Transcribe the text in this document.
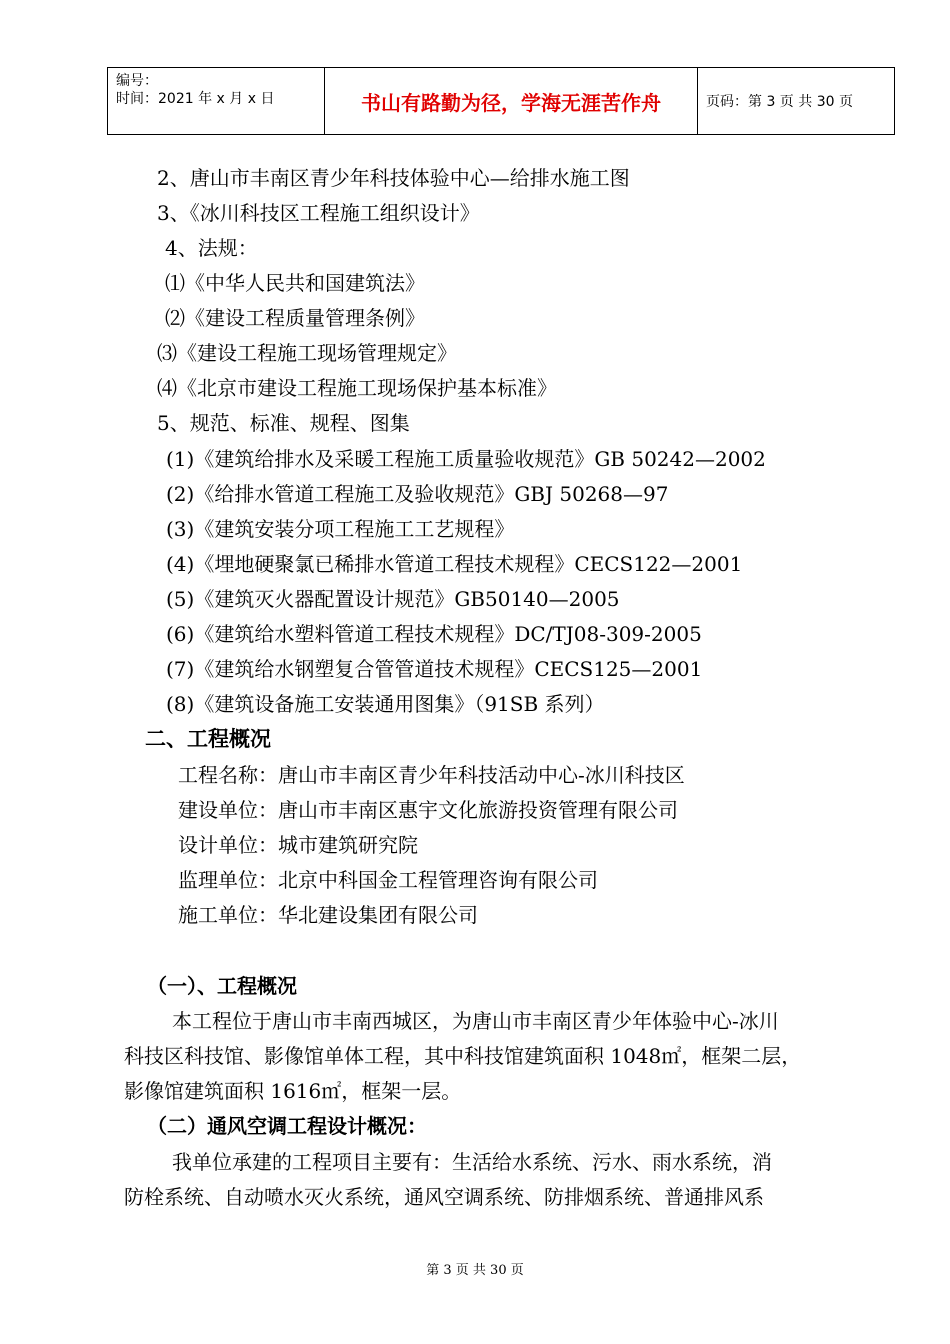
编号：
时间：2021 年 x 月 x 日	书山有路勤为径，学海无涯苦作舟	页码：第 3 页 共 30 页
2、唐山市丰南区青少年科技体验中心—给排水施工图
3、《冰川科技区工程施工组织设计》
4、法规：
⑴《中华人民共和国建筑法》
⑵《建设工程质量管理条例》
⑶《建设工程施工现场管理规定》
⑷《北京市建设工程施工现场保护基本标准》
5、规范、标准、规程、图集
(1)《建筑给排水及采暖工程施工质量验收规范》GB 50242—2002
(2)《给排水管道工程施工及验收规范》GBJ 50268—97
(3)《建筑安装分项工程施工工艺规程》
(4)《埋地硬聚氯已稀排水管道工程技术规程》CECS122—2001
(5)《建筑灭火器配置设计规范》GB50140—2005
(6)《建筑给水塑料管道工程技术规程》DC/TJ08-309-2005
(7)《建筑给水钢塑复合管管道技术规程》CECS125—2001
(8)《建筑设备施工安装通用图集》（91SB 系列）
二、工程概况
工程名称：唐山市丰南区青少年科技活动中心-冰川科技区
建设单位：唐山市丰南区惠宇文化旅游投资管理有限公司
设计单位：城市建筑研究院
监理单位：北京中科国金工程管理咨询有限公司
施工单位：华北建设集团有限公司
（一）、工程概况
本工程位于唐山市丰南西城区，为唐山市丰南区青少年体验中心-冰川
科技区科技馆、影像馆单体工程，其中科技馆建筑面积 1048㎡，框架二层，
影像馆建筑面积 1616㎡，框架一层。
（二）通风空调工程设计概况：
我单位承建的工程项目主要有：生活给水系统、污水、雨水系统，消
防栓系统、自动喷水灭火系统，通风空调系统、防排烟系统、普通排风系
第 3 页 共 30 页
